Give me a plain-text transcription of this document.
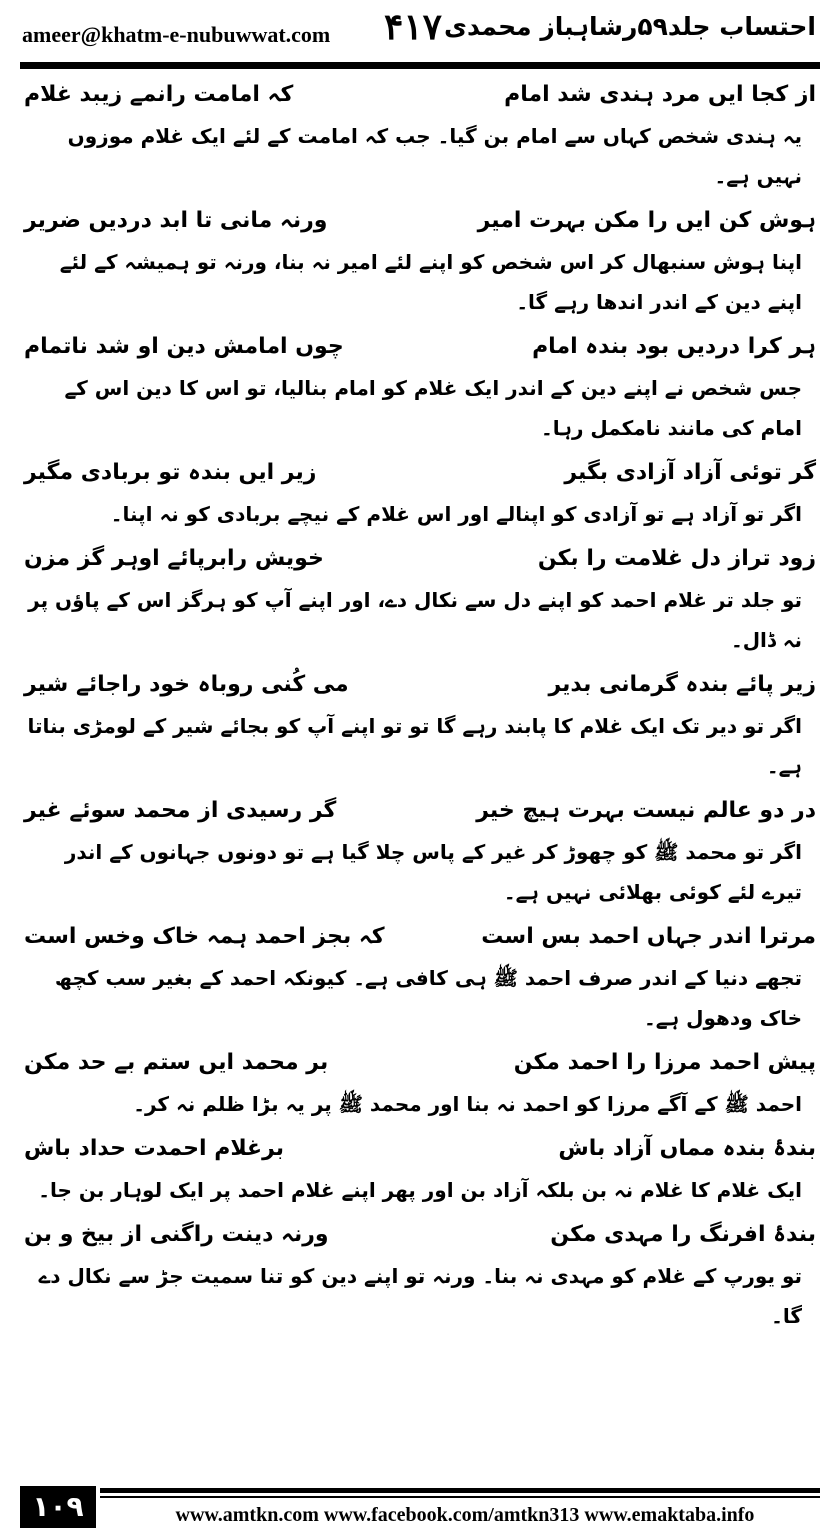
ameer@khatm-e-nubuwwat.com ۴۱۷ احتساب جلد۵۹رشاہباز محمدی
از کجا ایں مرد ہندی شد امام
کہ امامت رانمے زیبد غلام
یہ ہندی شخص کہاں سے امام بن گیا۔ جب کہ امامت کے لئے ایک غلام موزوں نہیں ہے۔
ہوش کن ایں را مکن بہرت امیر
ورنہ مانی تا ابد دردیں ضریر
اپنا ہوش سنبھال کر اس شخص کو اپنے لئے امیر نہ بنا، ورنہ تو ہمیشہ کے لئے اپنے دین کے اندر اندھا رہے گا۔
ہر کرا دردیں بود بندہ امام
چوں امامش دین او شد ناتمام
جس شخص نے اپنے دین کے اندر ایک غلام کو امام بنالیا، تو اس کا دین اس کے امام کی مانند نامکمل رہا۔
گر توئی آزاد آزادی بگیر
زیر ایں بندہ تو بربادی مگیر
اگر تو آزاد ہے تو آزادی کو اپنالے اور اس غلام کے نیچے بربادی کو نہ اپنا۔
زود تراز دل غلامت را بکن
خویش رابرپائے اوہر گز مزن
تو جلد تر غلام احمد کو اپنے دل سے نکال دے، اور اپنے آپ کو ہرگز اس کے پاؤں پر نہ ڈال۔
زیر پائے بندہ گرمانی بدیر
می کُنی روباہ خود راجائے شیر
اگر تو دیر تک ایک غلام کا پابند رہے گا تو تو اپنے آپ کو بجائے شیر کے لومڑی بناتا ہے۔
در دو عالم نیست بہرت ہیچ خیر
گر رسیدی از محمد سوئے غیر
اگر تو محمد ﷺ کو چھوڑ کر غیر کے پاس چلا گیا ہے تو دونوں جہانوں کے اندر تیرے لئے کوئی بھلائی نہیں ہے۔
مرترا اندر جہاں احمد بس است
کہ بجز احمد ہمہ خاک وخس است
تجھے دنیا کے اندر صرف احمد ﷺ ہی کافی ہے۔ کیونکہ احمد کے بغیر سب کچھ خاک ودھول ہے۔
پیش احمد مرزا را احمد مکن
بر محمد ایں ستم بے حد مکن
احمد ﷺ کے آگے مرزا کو احمد نہ بنا اور محمد ﷺ پر یہ بڑا ظلم نہ کر۔
بندۂ بندہ مماں آزاد باش
برغلام احمدت حداد باش
ایک غلام کا غلام نہ بن بلکہ آزاد بن اور پھر اپنے غلام احمد پر ایک لوہار بن جا۔
بندۂ افرنگ را مہدی مکن
ورنہ دینت راگنی از بیخ و بن
تو یورپ کے غلام کو مہدی نہ بنا۔ ورنہ تو اپنے دین کو تنا سمیت جڑ سے نکال دے گا۔
۱۰۹	www.amtkn.com www.facebook.com/amtkn313 www.emaktaba.info
